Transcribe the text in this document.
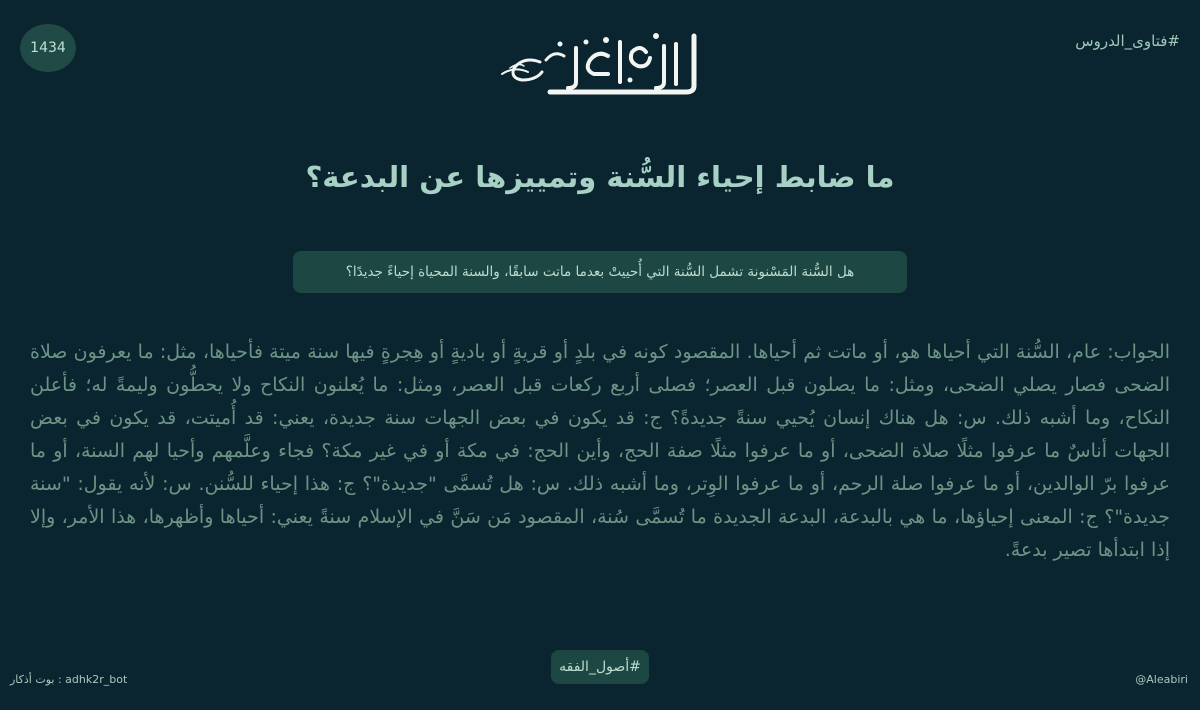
1434	#فتاوى_الدروس
ما ضابط إحياء السُّنة وتمييزها عن البدعة؟
هل السُّنة المَسْنونة تشمل السُّنة التي أُحييتْ بعدما ماتت سابقًا، والسنة المحياة إحياءً جديدًا؟
الجواب: عام، السُّنة التي أحياها هو، أو ماتت ثم أحياها. المقصود كونه في بلدٍ أو قريةٍ أو باديةٍ أو هِجرةٍ فيها سنة ميتة فأحياها، مثل: ما يعرفون صلاة الضحى فصار يصلي الضحى، ومثل: ما يصلون قبل العصر؛ فصلى أربع ركعات قبل العصر، ومثل: ما يُعلنون النكاح ولا يحطُّون وليمةً له؛ فأعلن النكاح، وما أشبه ذلك. س: هل هناك إنسان يُحيي سنةً جديدةً؟ ج: قد يكون في بعض الجهات سنة جديدة، يعني: قد أُميتت، قد يكون في بعض الجهات أناسٌ ما عرفوا مثلًا صلاة الضحى، أو ما عرفوا مثلًا صفة الحج، وأين الحج: في مكة أو في غير مكة؟ فجاء وعلَّمهم وأحيا لهم السنة، أو ما عرفوا برّ الوالدين، أو ما عرفوا صلة الرحم، أو ما عرفوا الوِتر، وما أشبه ذلك. س: هل تُسمَّى "جديدة"؟ ج: هذا إحياء للسُّنن. س: لأنه يقول: "سنة جديدة"؟ ج: المعنى إحياؤها، ما هي بالبدعة، البدعة الجديدة ما تُسمَّى سُنة، المقصود مَن سَنَّ في الإسلام سنةً يعني: أحياها وأظهرها، هذا الأمر، وإلا إذا ابتدأها تصير بدعةً.
#أصول_الفقه
بوت أذكار : adhk2r_bot	@Aleabiri
